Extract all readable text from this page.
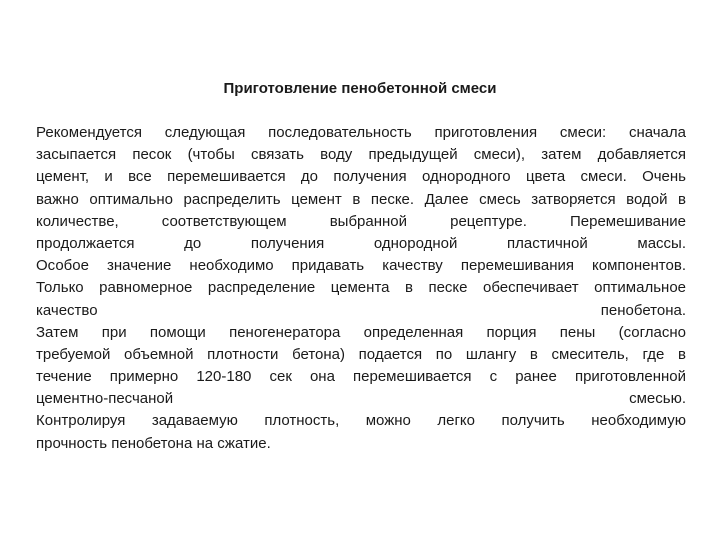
Приготовление пенобетонной смеси
Рекомендуется следующая последовательность приготовления смеси: сначала
засыпается песок (чтобы связать воду предыдущей смеси), затем добавляется
цемент, и все перемешивается до получения однородного цвета смеси. Очень
важно оптимально распределить цемент в песке. Далее смесь затворяется водой в
количестве, соответствующем выбранной рецептуре. Перемешивание
продолжается до получения однородной пластичной массы.
Особое значение необходимо придавать качеству перемешивания компонентов.
Только равномерное распределение цемента в песке обеспечивает оптимальное
качество пенобетона.
Затем при помощи пеногенератора определенная порция пены (согласно
требуемой объемной плотности бетона) подается по шлангу в смеситель, где в
течение примерно 120-180 сек она перемешивается с ранее приготовленной
цементно-песчаной смесью.
Контролируя задаваемую плотность, можно легко получить необходимую
прочность пенобетона на сжатие.
